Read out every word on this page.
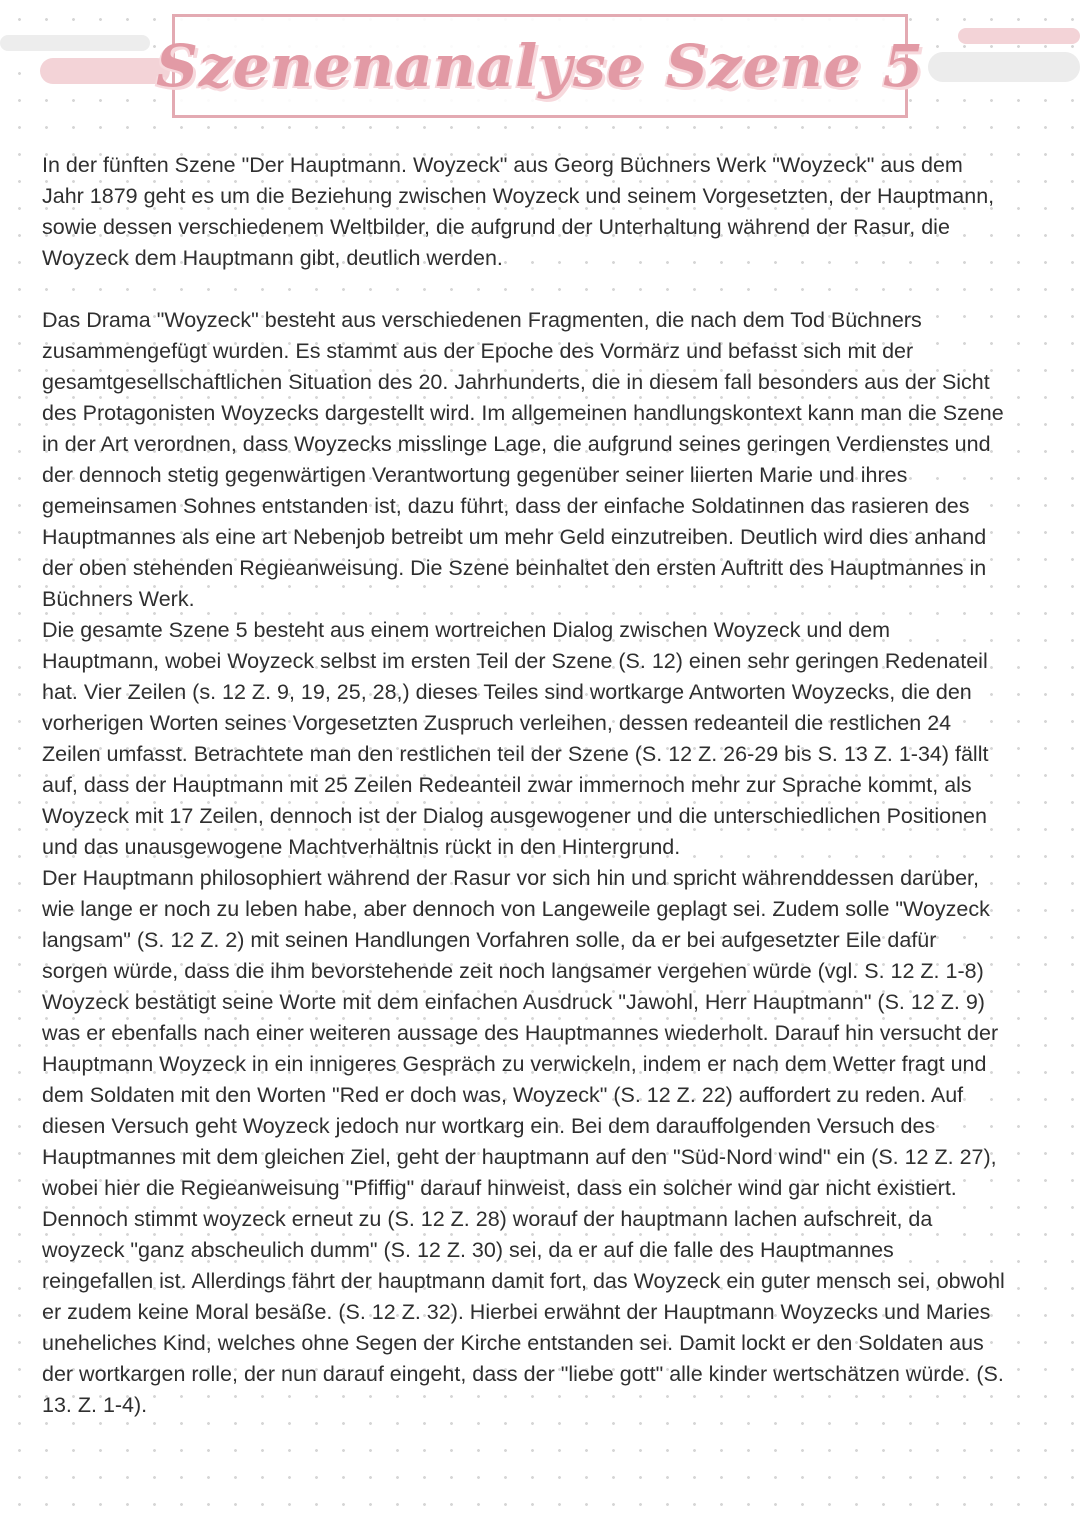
Szenenanalyse Szene 5

In der fünften Szene "Der Hauptmann. Woyzeck" aus Georg Büchners Werk "Woyzeck" aus dem Jahr 1879 geht es um die Beziehung zwischen Woyzeck und seinem Vorgesetzten, der Hauptmann, sowie dessen verschiedenem Weltbilder, die aufgrund der Unterhaltung während der Rasur, die Woyzeck dem Hauptmann gibt, deutlich werden.

Das Drama "Woyzeck" besteht aus verschiedenen Fragmenten, die nach dem Tod Büchners zusammengefügt wurden. Es stammt aus der Epoche des Vormärz und befasst sich mit der gesamtgesellschaftlichen Situation des 20. Jahrhunderts, die in diesem fall besonders aus der Sicht des Protagonisten Woyzecks dargestellt wird. Im allgemeinen handlungskontext kann man die Szene in der Art verordnen, dass Woyzecks misslinge Lage, die aufgrund seines geringen Verdienstes und der dennoch stetig gegenwärtigen Verantwortung gegenüber seiner liierten Marie und ihres gemeinsamen Sohnes entstanden ist, dazu führt, dass der einfache Soldatinnen das rasieren des Hauptmannes als eine art Nebenjob betreibt um mehr Geld einzutreiben. Deutlich wird dies anhand der oben stehenden Regieanweisung. Die Szene beinhaltet den ersten Auftritt des Hauptmannes in Büchners Werk.

Die gesamte Szene 5 besteht aus einem wortreichen Dialog zwischen Woyzeck und dem Hauptmann, wobei Woyzeck selbst im ersten Teil der Szene (S. 12) einen sehr geringen Redenateil hat. Vier Zeilen (s. 12 Z. 9, 19, 25, 28,) dieses Teiles sind wortkarge Antworten Woyzecks, die den vorherigen Worten seines Vorgesetzten Zuspruch verleihen, dessen redeanteil die restlichen 24 Zeilen umfasst. Betrachtete man den restlichen teil der Szene (S. 12 Z. 26-29 bis S. 13 Z. 1-34) fällt auf, dass der Hauptmann mit 25 Zeilen Redeanteil zwar immernoch mehr zur Sprache kommt, als Woyzeck mit 17 Zeilen, dennoch ist der Dialog ausgewogener und die unterschiedlichen Positionen und das unausgewogene Machtverhältnis rückt in den Hintergrund.

Der Hauptmann philosophiert während der Rasur vor sich hin und spricht währenddessen darüber, wie lange er noch zu leben habe, aber dennoch von Langeweile geplagt sei. Zudem solle "Woyzeck langsam" (S. 12 Z. 2) mit seinen Handlungen Vorfahren solle, da er bei aufgesetzter Eile dafür sorgen würde, dass die ihm bevorstehende zeit noch langsamer vergehen würde (vgl. S. 12 Z. 1-8) Woyzeck bestätigt seine Worte mit dem einfachen Ausdruck "Jawohl, Herr Hauptmann" (S. 12 Z. 9) was er ebenfalls nach einer weiteren aussage des Hauptmannes wiederholt. Darauf hin versucht der Hauptmann Woyzeck in ein innigeres Gespräch zu verwickeln, indem er nach dem Wetter fragt und dem Soldaten mit den Worten "Red er doch was, Woyzeck" (S. 12 Z. 22) auffordert zu reden. Auf diesen Versuch geht Woyzeck jedoch nur wortkarg ein. Bei dem darauffolgenden Versuch des Hauptmannes mit dem gleichen Ziel, geht der hauptmann auf den "Süd-Nord wind" ein (S. 12 Z. 27), wobei hier die Regieanweisung "Pfiffig" darauf hinweist, dass ein solcher wind gar nicht existiert. Dennoch stimmt woyzeck erneut zu (S. 12 Z. 28) worauf der hauptmann lachen aufschreit, da woyzeck "ganz abscheulich dumm" (S. 12 Z. 30) sei, da er auf die falle des Hauptmannes reingefallen ist. Allerdings fährt der hauptmann damit fort, das Woyzeck ein guter mensch sei, obwohl er zudem keine Moral besäße. (S. 12 Z. 32). Hierbei erwähnt der Hauptmann Woyzecks und Maries uneheliches Kind, welches ohne Segen der Kirche entstanden sei. Damit lockt er den Soldaten aus der wortkargen rolle, der nun darauf eingeht, dass der "liebe gott" alle kinder wertschätzen würde. (S. 13. Z. 1-4).
